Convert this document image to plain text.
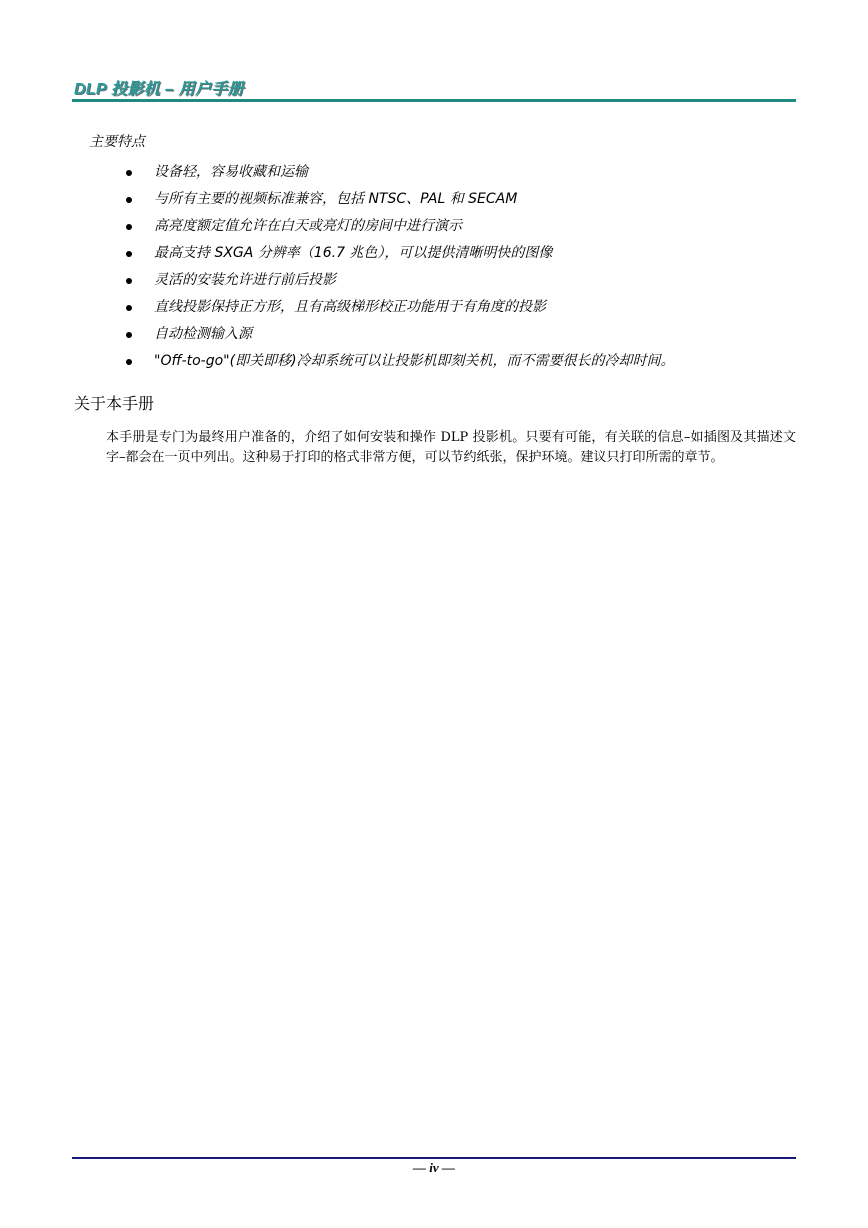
DLP 投影机 – 用户手册
主要特点
设备轻，容易收藏和运输
与所有主要的视频标准兼容，包括 NTSC、PAL 和 SECAM
高亮度额定值允许在白天或亮灯的房间中进行演示
最高支持 SXGA 分辨率（16.7 兆色），可以提供清晰明快的图像
灵活的安装允许进行前后投影
直线投影保持正方形，且有高级梯形校正功能用于有角度的投影
自动检测输入源
"Off-to-go"(即关即移)冷却系统可以让投影机即刻关机，而不需要很长的冷却时间。
关于本手册
本手册是专门为最终用户准备的，介绍了如何安装和操作 DLP 投影机。只要有可能，有关联的信息–如插图及其描述文字–都会在一页中列出。这种易于打印的格式非常方便，可以节约纸张，保护环境。建议只打印所需的章节。
— iv —
